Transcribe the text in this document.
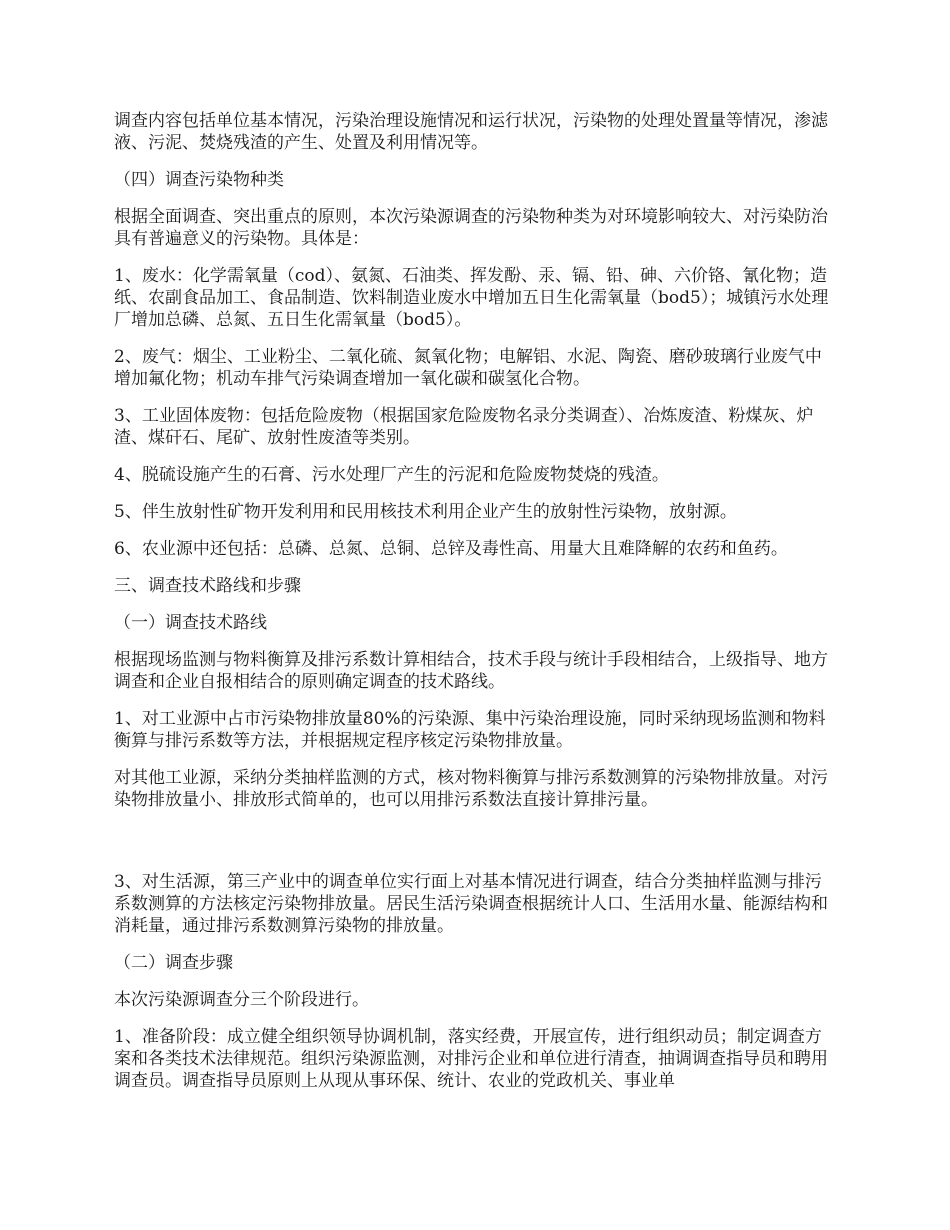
调查内容包括单位基本情况，污染治理设施情况和运行状况，污染物的处理处置量等情况，渗滤液、污泥、焚烧残渣的产生、处置及利用情况等。

（四）调查污染物种类

根据全面调查、突出重点的原则，本次污染源调查的污染物种类为对环境影响较大、对污染防治具有普遍意义的污染物。具体是：

1、废水：化学需氧量（cod）、氨氮、石油类、挥发酚、汞、镉、铅、砷、六价铬、氰化物；造纸、农副食品加工、食品制造、饮料制造业废水中增加五日生化需氧量（bod5）；城镇污水处理厂增加总磷、总氮、五日生化需氧量（bod5）。

2、废气：烟尘、工业粉尘、二氧化硫、氮氧化物；电解铝、水泥、陶瓷、磨砂玻璃行业废气中增加氟化物；机动车排气污染调查增加一氧化碳和碳氢化合物。

3、工业固体废物：包括危险废物（根据国家危险废物名录分类调查）、冶炼废渣、粉煤灰、炉渣、煤矸石、尾矿、放射性废渣等类别。

4、脱硫设施产生的石膏、污水处理厂产生的污泥和危险废物焚烧的残渣。

5、伴生放射性矿物开发利用和民用核技术利用企业产生的放射性污染物，放射源。

6、农业源中还包括：总磷、总氮、总铜、总锌及毒性高、用量大且难降解的农药和鱼药。

三、调查技术路线和步骤

（一）调查技术路线

根据现场监测与物料衡算及排污系数计算相结合，技术手段与统计手段相结合，上级指导、地方调查和企业自报相结合的原则确定调查的技术路线。

1、对工业源中占市污染物排放量80%的污染源、集中污染治理设施，同时采纳现场监测和物料衡算与排污系数等方法，并根据规定程序核定污染物排放量。

对其他工业源，采纳分类抽样监测的方式，核对物料衡算与排污系数测算的污染物排放量。对污染物排放量小、排放形式简单的，也可以用排污系数法直接计算排污量。

3、对生活源，第三产业中的调查单位实行面上对基本情况进行调查，结合分类抽样监测与排污系数测算的方法核定污染物排放量。居民生活污染调查根据统计人口、生活用水量、能源结构和消耗量，通过排污系数测算污染物的排放量。

（二）调查步骤

本次污染源调查分三个阶段进行。

1、准备阶段：成立健全组织领导协调机制，落实经费，开展宣传，进行组织动员；制定调查方案和各类技术法律规范。组织污染源监测，对排污企业和单位进行清查，抽调调查指导员和聘用调查员。调查指导员原则上从现从事环保、统计、农业的党政机关、事业单
